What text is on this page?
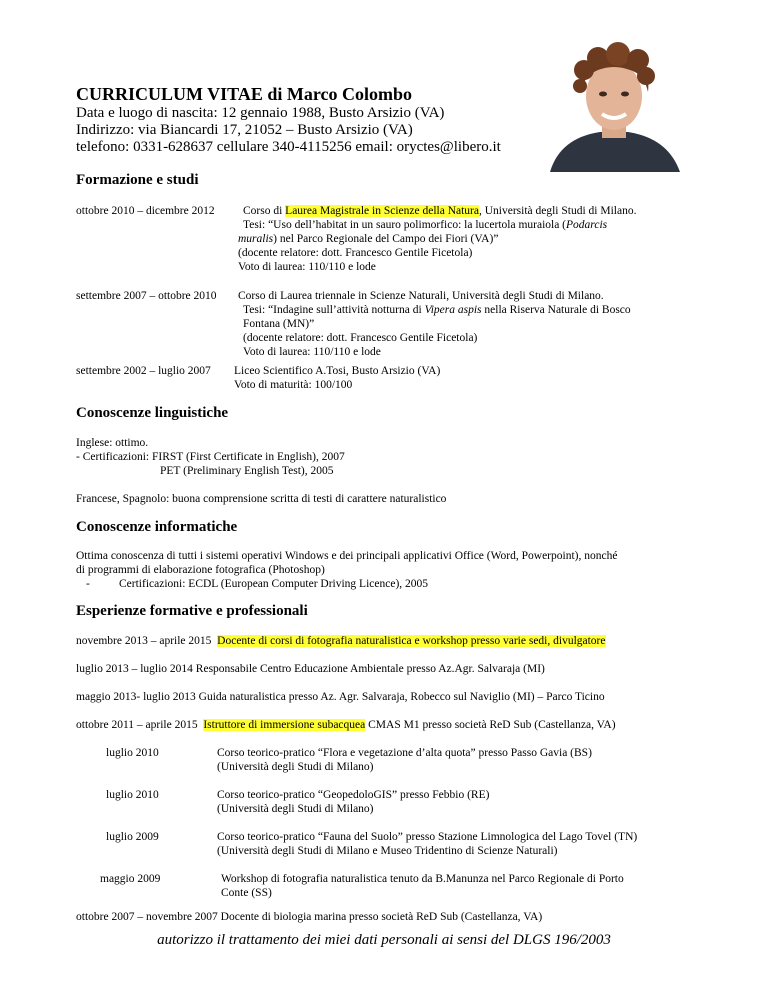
CURRICULUM VITAE di Marco Colombo
Data e luogo di nascita: 12 gennaio 1988, Busto Arsizio (VA)
Indirizzo: via Biancardi 17, 21052 – Busto Arsizio (VA)
telefono: 0331-628637 cellulare 340-4115256 email: oryctes@libero.it
Formazione e studi
ottobre 2010 – dicembre 2012 Corso di Laurea Magistrale in Scienze della Natura, Università degli Studi di Milano.
Tesi: “Uso dell’habitat in un sauro polimorfico: la lucertola muraiola (Podarcis
muralis) nel Parco Regionale del Campo dei Fiori (VA)”
(docente relatore: dott. Francesco Gentile Ficetola)
Voto di laurea: 110/110 e lode
settembre 2007 – ottobre 2010 Corso di Laurea triennale in Scienze Naturali, Università degli Studi di Milano.
Tesi: “Indagine sull’attività notturna di Vipera aspis nella Riserva Naturale di Bosco
Fontana (MN)”
(docente relatore: dott. Francesco Gentile Ficetola)
Voto di laurea: 110/110 e lode
settembre 2002 – luglio 2007 Liceo Scientifico A.Tosi, Busto Arsizio (VA)
Voto di maturità: 100/100
Conoscenze linguistiche
Inglese: ottimo.
- Certificazioni: FIRST (First Certificate in English), 2007
PET (Preliminary English Test), 2005
Francese, Spagnolo: buona comprensione scritta di testi di carattere naturalistico
Conoscenze informatiche
Ottima conoscenza di tutti i sistemi operativi Windows e dei principali applicativi Office (Word, Powerpoint), nonché
di programmi di elaborazione fotografica (Photoshop)
-	Certificazioni: ECDL (European Computer Driving Licence), 2005
Esperienze formative e professionali
novembre 2013 – aprile 2015 Docente di corsi di fotografia naturalistica e workshop presso varie sedi, divulgatore
luglio 2013 – luglio 2014 Responsabile Centro Educazione Ambientale presso Az.Agr. Salvaraja (MI)
maggio 2013- luglio 2013 Guida naturalistica presso Az. Agr. Salvaraja, Robecco sul Naviglio (MI) – Parco Ticino
ottobre 2011 – aprile 2015 Istruttore di immersione subacquea CMAS M1 presso società ReD Sub (Castellanza, VA)
luglio 2010	Corso teorico-pratico “Flora e vegetazione d’alta quota” presso Passo Gavia (BS)
(Università degli Studi di Milano)
luglio 2010	Corso teorico-pratico “GeopedoloGIS” presso Febbio (RE)
(Università degli Studi di Milano)
luglio 2009	Corso teorico-pratico “Fauna del Suolo” presso Stazione Limnologica del Lago Tovel (TN)
(Università degli Studi di Milano e Museo Tridentino di Scienze Naturali)
maggio 2009	Workshop di fotografia naturalistica tenuto da B.Manunza nel Parco Regionale di Porto
Conte (SS)
ottobre 2007 – novembre 2007 Docente di biologia marina presso società ReD Sub (Castellanza, VA)
autorizzo il trattamento dei miei dati personali ai sensi del DLGS 196/2003
